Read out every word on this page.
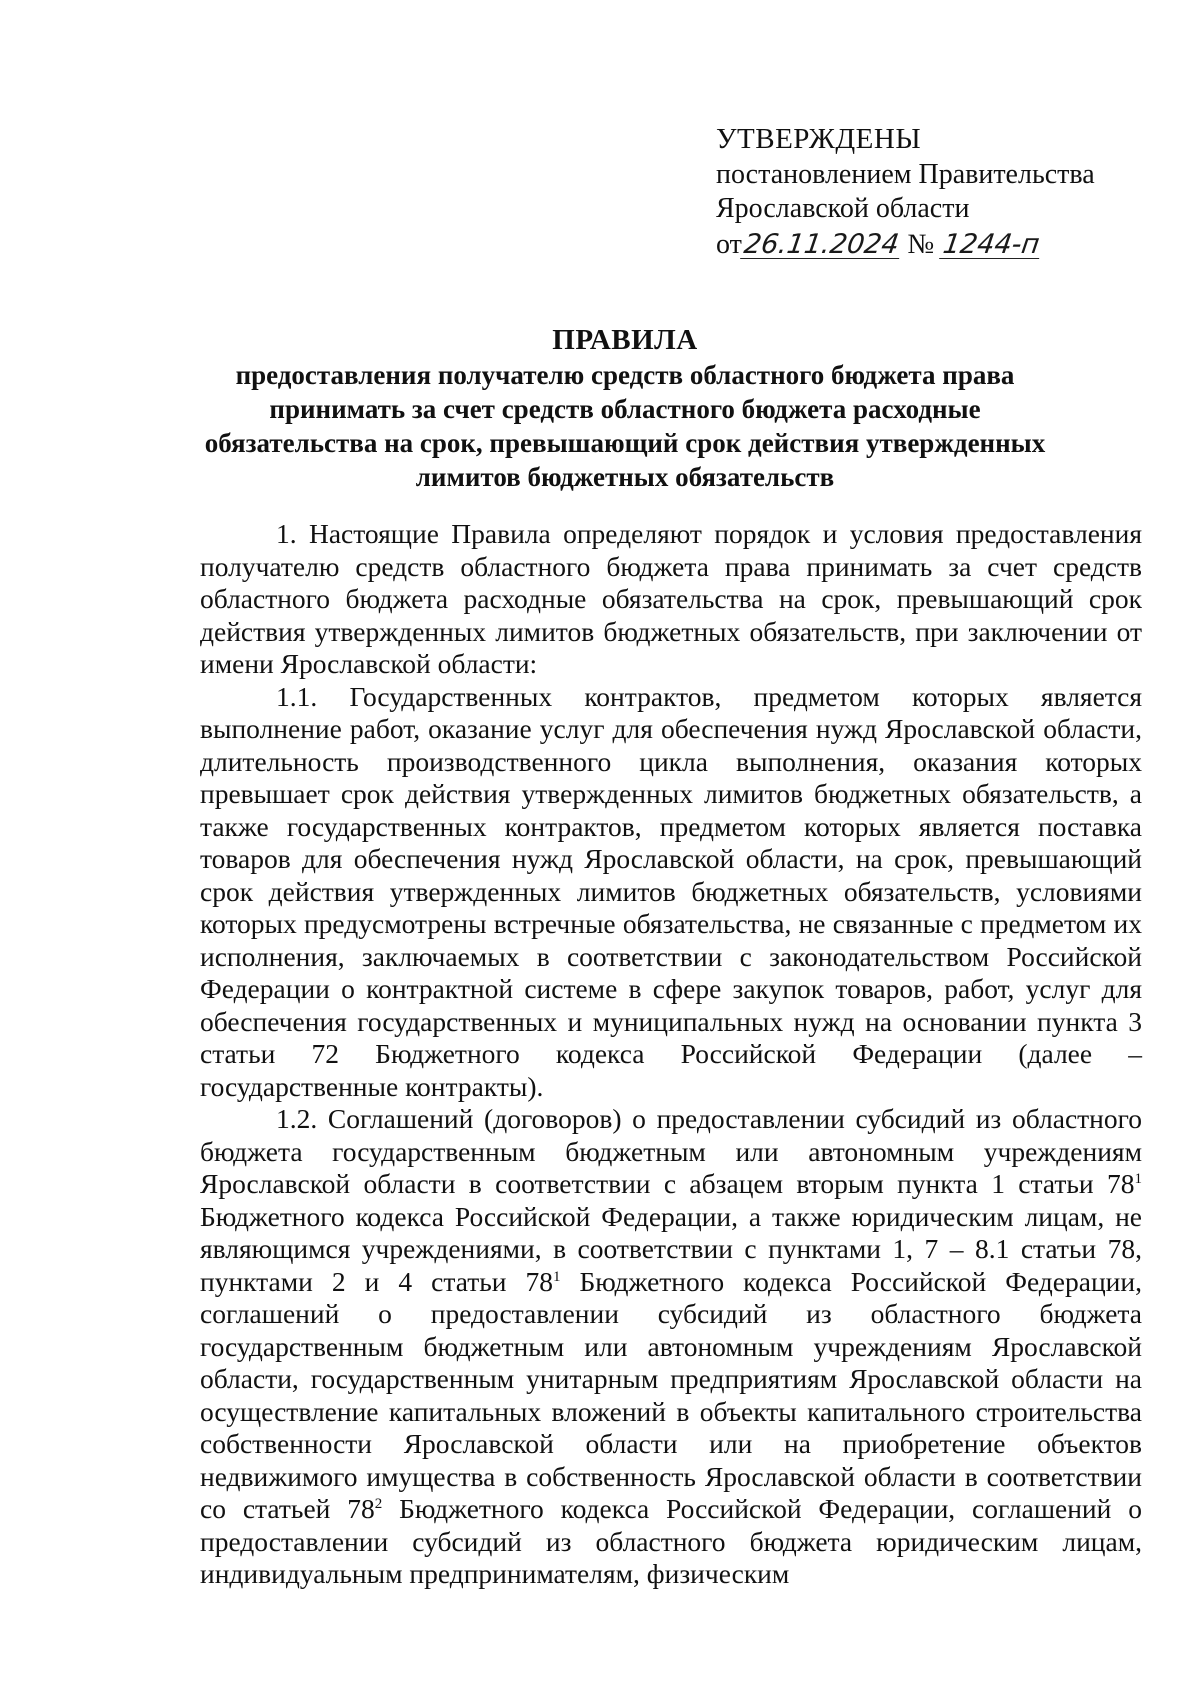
УТВЕРЖДЕНЫ
постановлением Правительства
Ярославской области
от26.11.2024 № 1244-п
ПРАВИЛА
предоставления получателю средств областного бюджета права принимать за счет средств областного бюджета расходные обязательства на срок, превышающий срок действия утвержденных лимитов бюджетных обязательств

1. Настоящие Правила определяют порядок и условия предоставления получателю средств областного бюджета права принимать за счет средств областного бюджета расходные обязательства на срок, превышающий срок действия утвержденных лимитов бюджетных обязательств, при заключении от имени Ярославской области:

1.1. Государственных контрактов, предметом которых является выполнение работ, оказание услуг для обеспечения нужд Ярославской области, длительность производственного цикла выполнения, оказания которых превышает срок действия утвержденных лимитов бюджетных обязательств, а также государственных контрактов, предметом которых является поставка товаров для обеспечения нужд Ярославской области, на срок, превышающий срок действия утвержденных лимитов бюджетных обязательств, условиями которых предусмотрены встречные обязательства, не связанные с предметом их исполнения, заключаемых в соответствии с законодательством Российской Федерации о контрактной системе в сфере закупок товаров, работ, услуг для обеспечения государственных и муниципальных нужд на основании пункта 3 статьи 72 Бюджетного кодекса Российской Федерации (далее – государственные контракты).

1.2. Соглашений (договоров) о предоставлении субсидий из областного бюджета государственным бюджетным или автономным учреждениям Ярославской области в соответствии с абзацем вторым пункта 1 статьи $78^1$ Бюджетного кодекса Российской Федерации, а также юридическим лицам, не являющимся учреждениями, в соответствии с пунктами 1, 7 – 8.1 статьи 78, пунктами 2 и 4 статьи $78^1$ Бюджетного кодекса Российской Федерации, соглашений о предоставлении субсидий из областного бюджета государственным бюджетным или автономным учреждениям Ярославской области, государственным унитарным предприятиям Ярославской области на осуществление капитальных вложений в объекты капитального строительства собственности Ярославской области или на приобретение объектов недвижимого имущества в собственность Ярославской области в соответствии со статьей $78^2$ Бюджетного кодекса Российской Федерации, соглашений о предоставлении субсидий из областного бюджета юридическим лицам, индивидуальным предпринимателям, физическим
